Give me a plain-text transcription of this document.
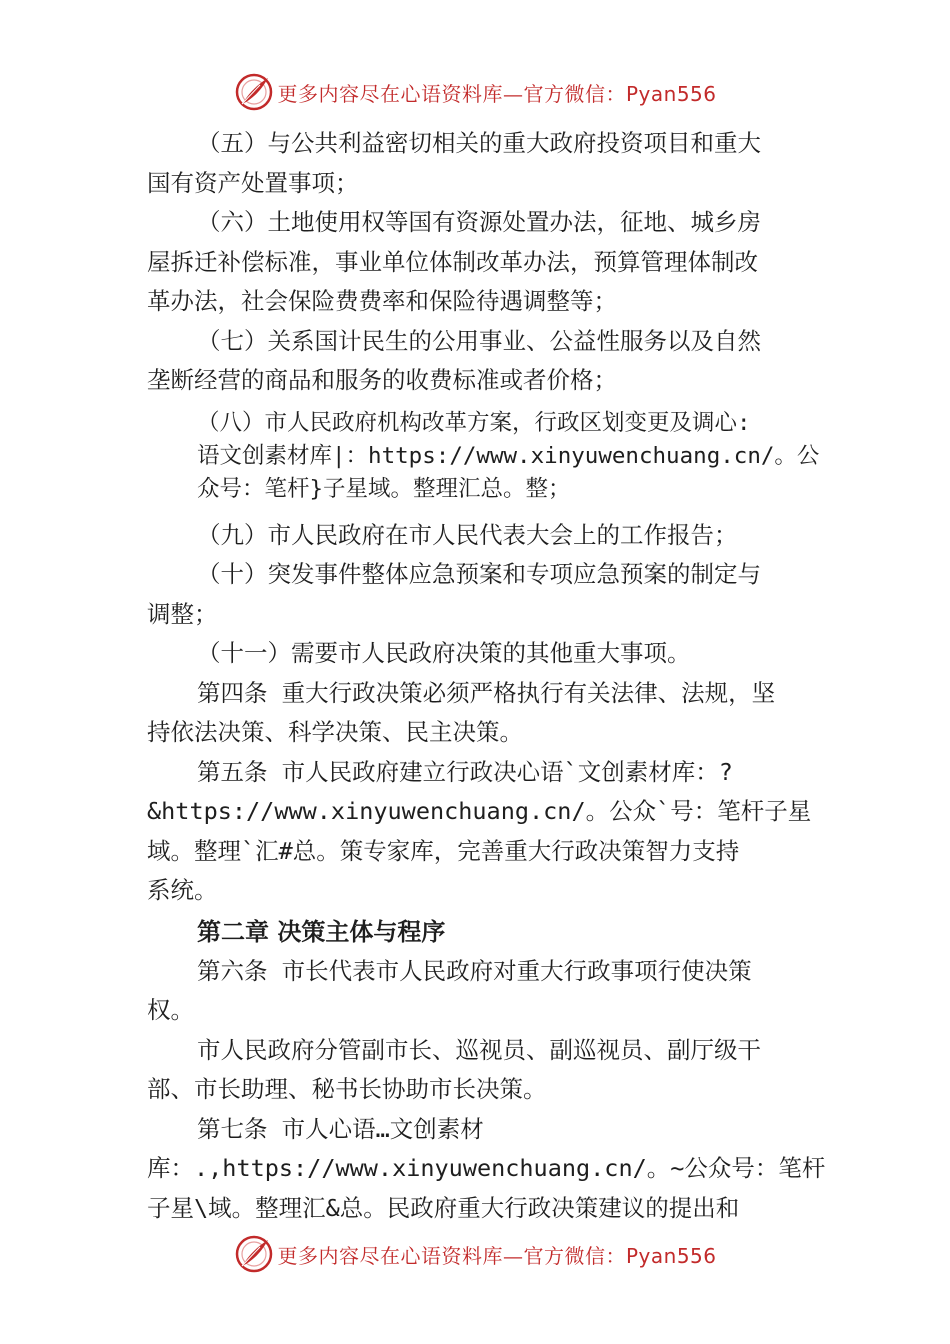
更多内容尽在心语资料库—官方微信：Pyan556

（五）与公共利益密切相关的重大政府投资项目和重大

国有资产处置事项；

（六）土地使用权等国有资源处置办法，征地、城乡房

屋拆迁补偿标准，事业单位体制改革办法，预算管理体制改

革办法，社会保险费费率和保险待遇调整等；

（七）关系国计民生的公用事业、公益性服务以及自然

垄断经营的商品和服务的收费标准或者价格；

（八）市人民政府机构改革方案，行政区划变更及调心:

语文创素材库|：https://www.xinyuwenchuang.cn/。公

众号：笔杆}子星域。整理汇总。整；

（九）市人民政府在市人民代表大会上的工作报告；

（十）突发事件整体应急预案和专项应急预案的制定与

调整；

（十一）需要市人民政府决策的其他重大事项。

第四条 重大行政决策必须严格执行有关法律、法规，坚

持依法决策、科学决策、民主决策。

第五条 市人民政府建立行政决心语`文创素材库：?

&https://www.xinyuwenchuang.cn/。公众`号：笔杆子星

域。整理`汇#总。策专家库，完善重大行政决策智力支持

系统。

第二章 决策主体与程序

第六条 市长代表市人民政府对重大行政事项行使决策

权。

市人民政府分管副市长、巡视员、副巡视员、副厅级干

部、市长助理、秘书长协助市长决策。

第七条 市人心语…文创素材

库：.,https://www.xinyuwenchuang.cn/。~公众号：笔杆

子星\域。整理汇&总。民政府重大行政决策建议的提出和

更多内容尽在心语资料库—官方微信：Pyan556
